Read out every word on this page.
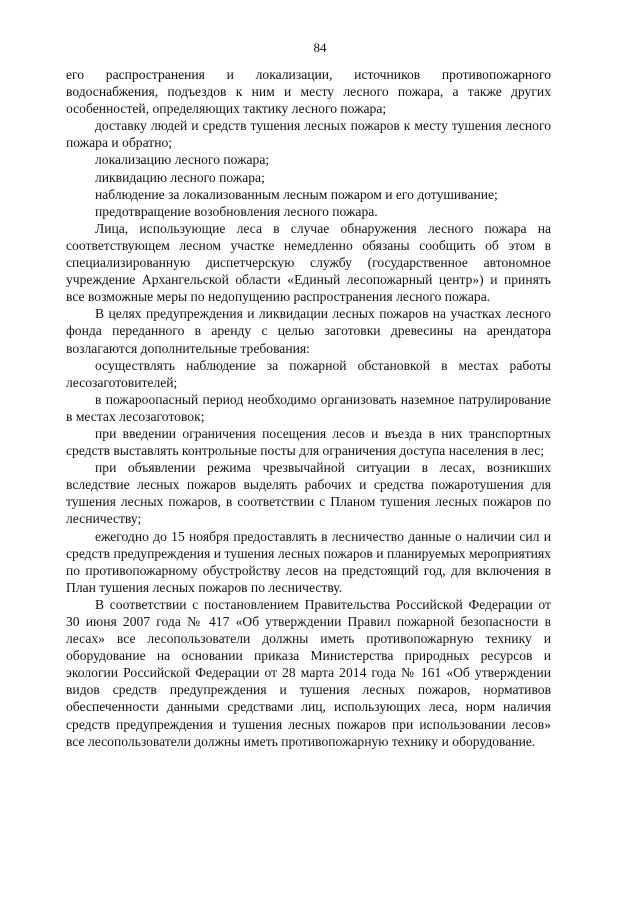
84

его распространения и локализации, источников противопожарного водоснабжения, подъездов к ним и месту лесного пожара, а также других особенностей, определяющих тактику лесного пожара;

доставку людей и средств тушения лесных пожаров к месту тушения лесного пожара и обратно;

локализацию лесного пожара;

ликвидацию лесного пожара;

наблюдение за локализованным лесным пожаром и его дотушивание;

предотвращение возобновления лесного пожара.

Лица, использующие леса в случае обнаружения лесного пожара на соответствующем лесном участке немедленно обязаны сообщить об этом в специализированную диспетчерскую службу (государственное автономное учреждение Архангельской области «Единый лесопожарный центр») и принять все возможные меры по недопущению распространения лесного пожара.

В целях предупреждения и ликвидации лесных пожаров на участках лесного фонда переданного в аренду с целью заготовки древесины на арендатора возлагаются дополнительные требования:

осуществлять наблюдение за пожарной обстановкой в местах работы лесозаготовителей;

в пожароопасный период необходимо организовать наземное патрулирование в местах лесозаготовок;

при введении ограничения посещения лесов и въезда в них транспортных средств выставлять контрольные посты для ограничения доступа населения в лес;

при объявлении режима чрезвычайной ситуации в лесах, возникших вследствие лесных пожаров выделять рабочих и средства пожаротушения для тушения лесных пожаров, в соответствии с Планом тушения лесных пожаров по лесничеству;

ежегодно до 15 ноября предоставлять в лесничество данные о наличии сил и средств предупреждения и тушения лесных пожаров и планируемых мероприятиях по противопожарному обустройству лесов на предстоящий год, для включения в План тушения лесных пожаров по лесничеству.

В соответствии с постановлением Правительства Российской Федерации от 30 июня 2007 года № 417 «Об утверждении Правил пожарной безопасности в лесах» все лесопользователи должны иметь противопожарную технику и оборудование на основании приказа Министерства природных ресурсов и экологии Российской Федерации от 28 марта 2014 года № 161 «Об утверждении видов средств предупреждения и тушения лесных пожаров, нормативов обеспеченности данными средствами лиц, использующих леса, норм наличия средств предупреждения и тушения лесных пожаров при использовании лесов» все лесопользователи должны иметь противопожарную технику и оборудование.
